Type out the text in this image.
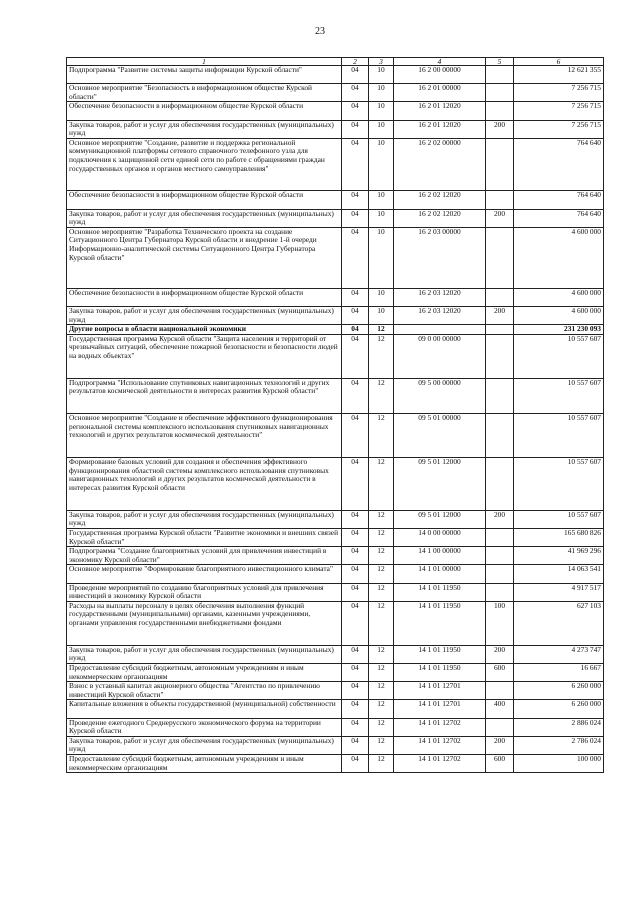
23
1	2	3	4	5	6
Подпрограмма "Развитие системы защиты информации Курской области"	04	10	16 2 00 00000		12 621 355
Основное мероприятие "Безопасность в информационном обществе Курской области"	04	10	16 2 01 00000		7 256 715
Обеспечение безопасности в информационном обществе Курской области	04	10	16 2 01 12020		7 256 715
Закупка товаров, работ и услуг для обеспечения государственных (муниципальных) нужд	04	10	16 2 01 12020	200	7 256 715
Основное мероприятие "Создание, развитие и поддержка региональной коммуникационной платформы сетевого справочного телефонного узла для подключения к защищенной сети единой сети по работе с обращениями граждан государственных органов и органов местного самоуправления"	04	10	16 2 02 00000		764 640
Обеспечение безопасности в информационном обществе Курской области	04	10	16 2 02 12020		764 640
Закупка товаров, работ и услуг для обеспечения государственных (муниципальных) нужд	04	10	16 2 02 12020	200	764 640
Основное мероприятие "Разработка Технического проекта на создание Ситуационного Центра Губернатора Курской области и внедрение 1-й очереди Информационно-аналитической системы Ситуационного Центра Губернатора Курской области"	04	10	16 2 03 00000		4 600 000
Обеспечение безопасности в информационном обществе Курской области	04	10	16 2 03 12020		4 600 000
Закупка товаров, работ и услуг для обеспечения государственных (муниципальных) нужд	04	10	16 2 03 12020	200	4 600 000
Другие вопросы в области национальной экономики	04	12			231 230 093
Государственная программа Курской области "Защита населения и территорий от чрезвычайных ситуаций, обеспечение пожарной безопасности и безопасности людей на водных объектах"	04	12	09 0 00 00000		10 557 607
Подпрограмма "Использование спутниковых навигационных технологий и других результатов космической деятельности в интересах развития Курской области"	04	12	09 5 00 00000		10 557 607
Основное мероприятие "Создание и обеспечение эффективного функционирования региональной системы комплексного использования спутниковых навигационных технологий и других результатов космической деятельности"	04	12	09 5 01 00000		10 557 607
Формирование базовых условий для создания и обеспечения эффективного функционирования областной системы комплексного использования спутниковых навигационных технологий и других результатов космической деятельности в интересах развития Курской области	04	12	09 5 01 12000		10 557 607
Закупка товаров, работ и услуг для обеспечения государственных (муниципальных) нужд	04	12	09 5 01 12000	200	10 557 607
Государственная программа Курской области "Развитие экономики и внешних связей Курской области"	04	12	14 0 00 00000		165 680 826
Подпрограмма "Создание благоприятных условий для привлечения инвестиций в экономику Курской области"	04	12	14 1 00 00000		41 969 296
Основное мероприятие "Формирование благоприятного инвестиционного климата"	04	12	14 1 01 00000		14 063 541
Проведение мероприятий по созданию благоприятных условий для привлечения инвестиций в экономику Курской области	04	12	14 1 01 11950		4 917 517
Расходы на выплаты персоналу в целях обеспечения выполнения функций государственными (муниципальными) органами, казенными учреждениями, органами управления государственными внебюджетными фондами	04	12	14 1 01 11950	100	627 103
Закупка товаров, работ и услуг для обеспечения государственных (муниципальных) нужд	04	12	14 1 01 11950	200	4 273 747
Предоставление субсидий бюджетным, автономным учреждениям и иным некоммерческим организациям	04	12	14 1 01 11950	600	16 667
Взнос в уставный капитал акционерного общества "Агентство по привлечению инвестиций Курской области"	04	12	14 1 01 12701		6 260 000
Капитальные вложения в объекты государственной (муниципальной) собственности	04	12	14 1 01 12701	400	6 260 000
Проведение ежегодного Среднерусского экономического форума на территории Курской области	04	12	14 1 01 12702		2 886 024
Закупка товаров, работ и услуг для обеспечения государственных (муниципальных) нужд	04	12	14 1 01 12702	200	2 786 024
Предоставление субсидий бюджетным, автономным учреждениям и иным некоммерческим организациям	04	12	14 1 01 12702	600	100 000
